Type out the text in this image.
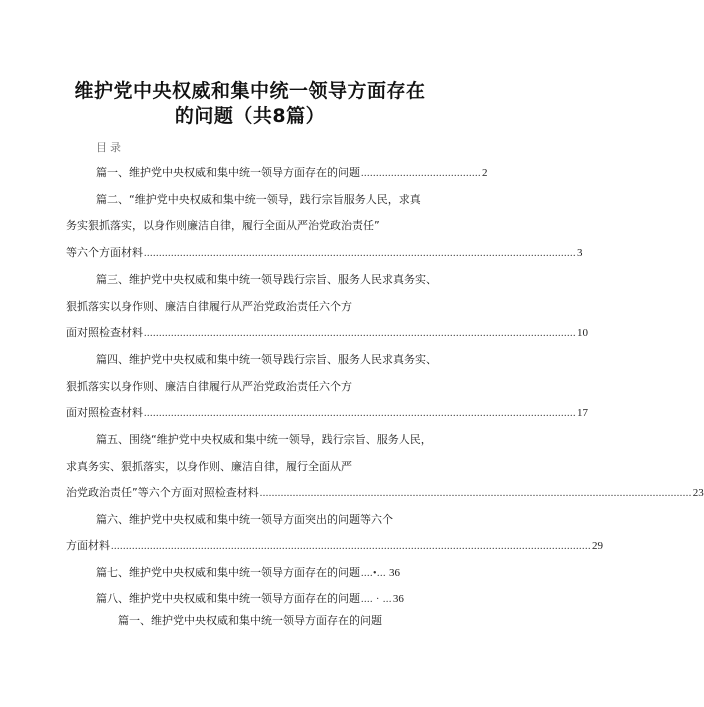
维护党中央权威和集中统一领导方面存在
的问题（共8篇）
目录
篇一、维护党中央权威和集中统一领导方面存在的问题 ........................................ 2
篇二、“维护党中央权威和集中统一领导，践行宗旨服务人民，求真
务实狠抓落实，以身作则廉洁自律，履行全面从严治党政治责任”
等六个方面材料 ................................................................................................................................................ 3
篇三、维护党中央权威和集中统一领导践行宗旨、服务人民求真务实、
狠抓落实以身作则、廉洁自律履行从严治党政治责任六个方
面对照检查材料 ................................................................................................................................................ 10
篇四、维护党中央权威和集中统一领导践行宗旨、服务人民求真务实、
狠抓落实以身作则、廉洁自律履行从严治党政治责任六个方
面对照检查材料 ................................................................................................................................................ 17
篇五、围绕“维护党中央权威和集中统一领导，践行宗旨、服务人民，
求真务实、狠抓落实，以身作则、廉洁自律，履行全面从严
治党政治责任”等六个方面对照检查材料 ................................................................................................................................................ 23
篇六、维护党中央权威和集中统一领导方面突出的问题等六个
方面材料 ................................................................................................................................................................ 29
篇七、维护党中央权威和集中统一领导方面存在的问题 ....•... 36
篇八、维护党中央权威和集中统一领导方面存在的问题 .... · ... 36
篇一、维护党中央权威和集中统一领导方面存在的问题
